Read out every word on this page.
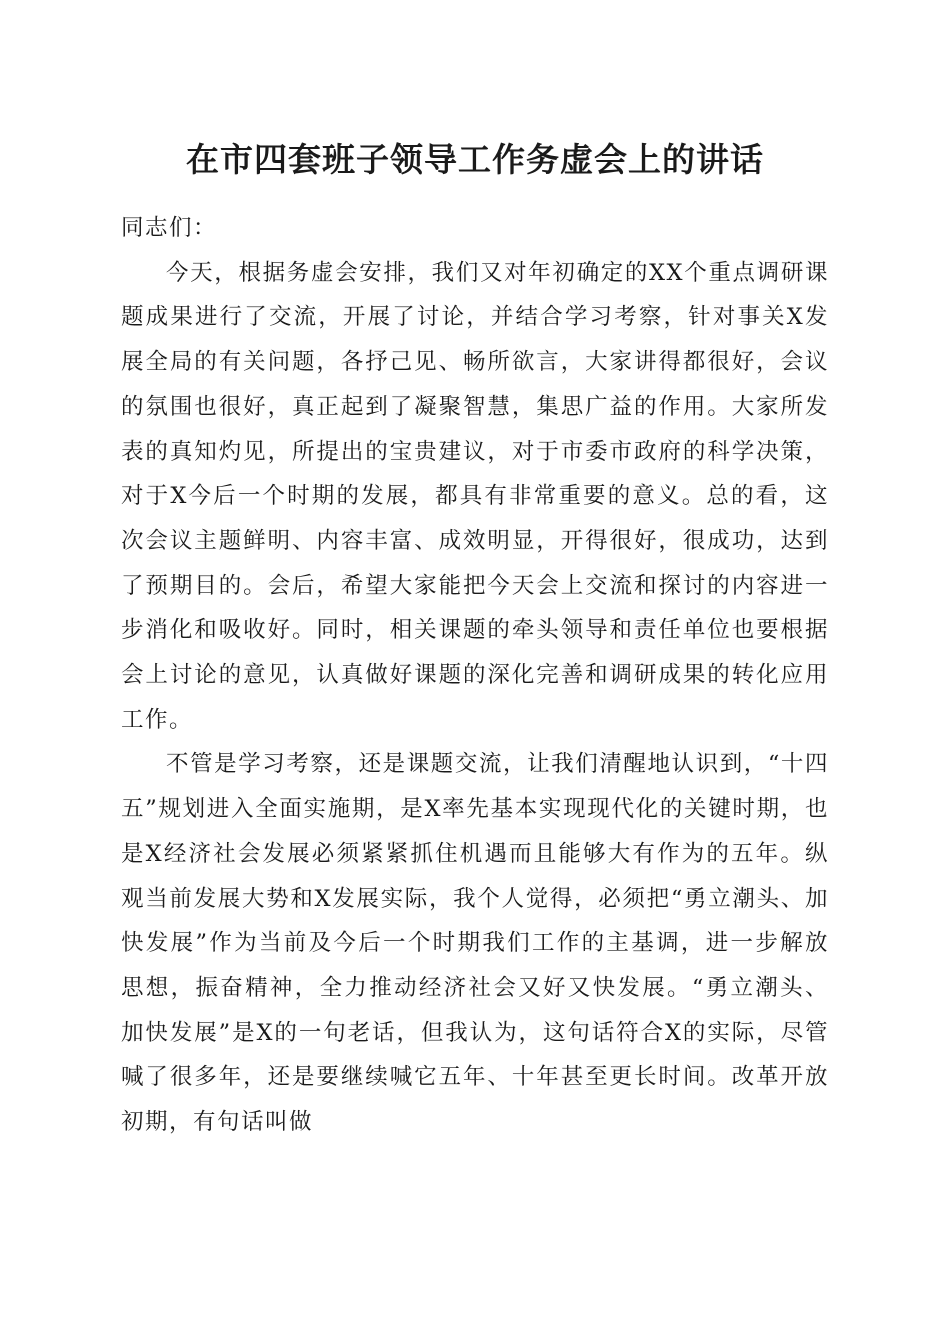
在市四套班子领导工作务虚会上的讲话

同志们：

今天，根据务虚会安排，我们又对年初确定的XX个重点调研课题成果进行了交流，开展了讨论，并结合学习考察，针对事关X发展全局的有关问题，各抒己见、畅所欲言，大家讲得都很好，会议的氛围也很好，真正起到了凝聚智慧，集思广益的作用。大家所发表的真知灼见，所提出的宝贵建议，对于市委市政府的科学决策，对于X今后一个时期的发展，都具有非常重要的意义。总的看，这次会议主题鲜明、内容丰富、成效明显，开得很好，很成功，达到了预期目的。会后，希望大家能把今天会上交流和探讨的内容进一步消化和吸收好。同时，相关课题的牵头领导和责任单位也要根据会上讨论的意见，认真做好课题的深化完善和调研成果的转化应用工作。

不管是学习考察，还是课题交流，让我们清醒地认识到，“十四五”规划进入全面实施期，是X率先基本实现现代化的关键时期，也是X经济社会发展必须紧紧抓住机遇而且能够大有作为的五年。纵观当前发展大势和X发展实际，我个人觉得，必须把“勇立潮头、加快发展”作为当前及今后一个时期我们工作的主基调，进一步解放思想，振奋精神，全力推动经济社会又好又快发展。“勇立潮头、加快发展”是X的一句老话，但我认为，这句话符合X的实际，尽管喊了很多年，还是要继续喊它五年、十年甚至更长时间。改革开放初期，有句话叫做
